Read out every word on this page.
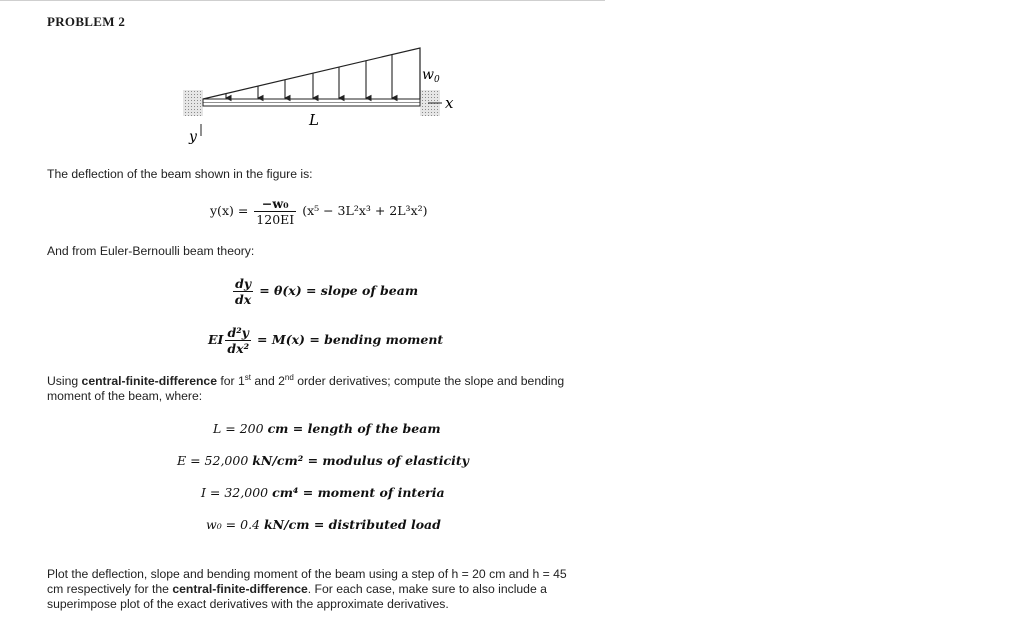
PROBLEM 2
x
$w_0$
L
y
The deflection of the beam shown in the figure is:
$y(x) = \frac{\text{−w₀}}{120EI} (x^5 - 3L^2x^3 + 2L^3x^2)$
And from Euler-Bernoulli beam theory:
$\frac{dy}{dx} = \theta(x)$ = slope of beam
EI $\frac{\text{d²y}}{\text{dx²}} = M(x)$ = bending moment
Using central-finite-difference for 1st and 2nd order derivatives; compute the slope and bending
moment of the beam, where:
L = 200 cm = length of the beam
E = 52,000 kN/cm² = modulus of elasticity
I = 32,000 cm⁴ = moment of interia
w₀ = 0.4 kN/cm = distributed load
Plot the deflection, slope and bending moment of the beam using a step of h = 20 cm and h = 45
cm respectively for the central-finite-difference. For each case, make sure to also include a
superimpose plot of the exact derivatives with the approximate derivatives.
